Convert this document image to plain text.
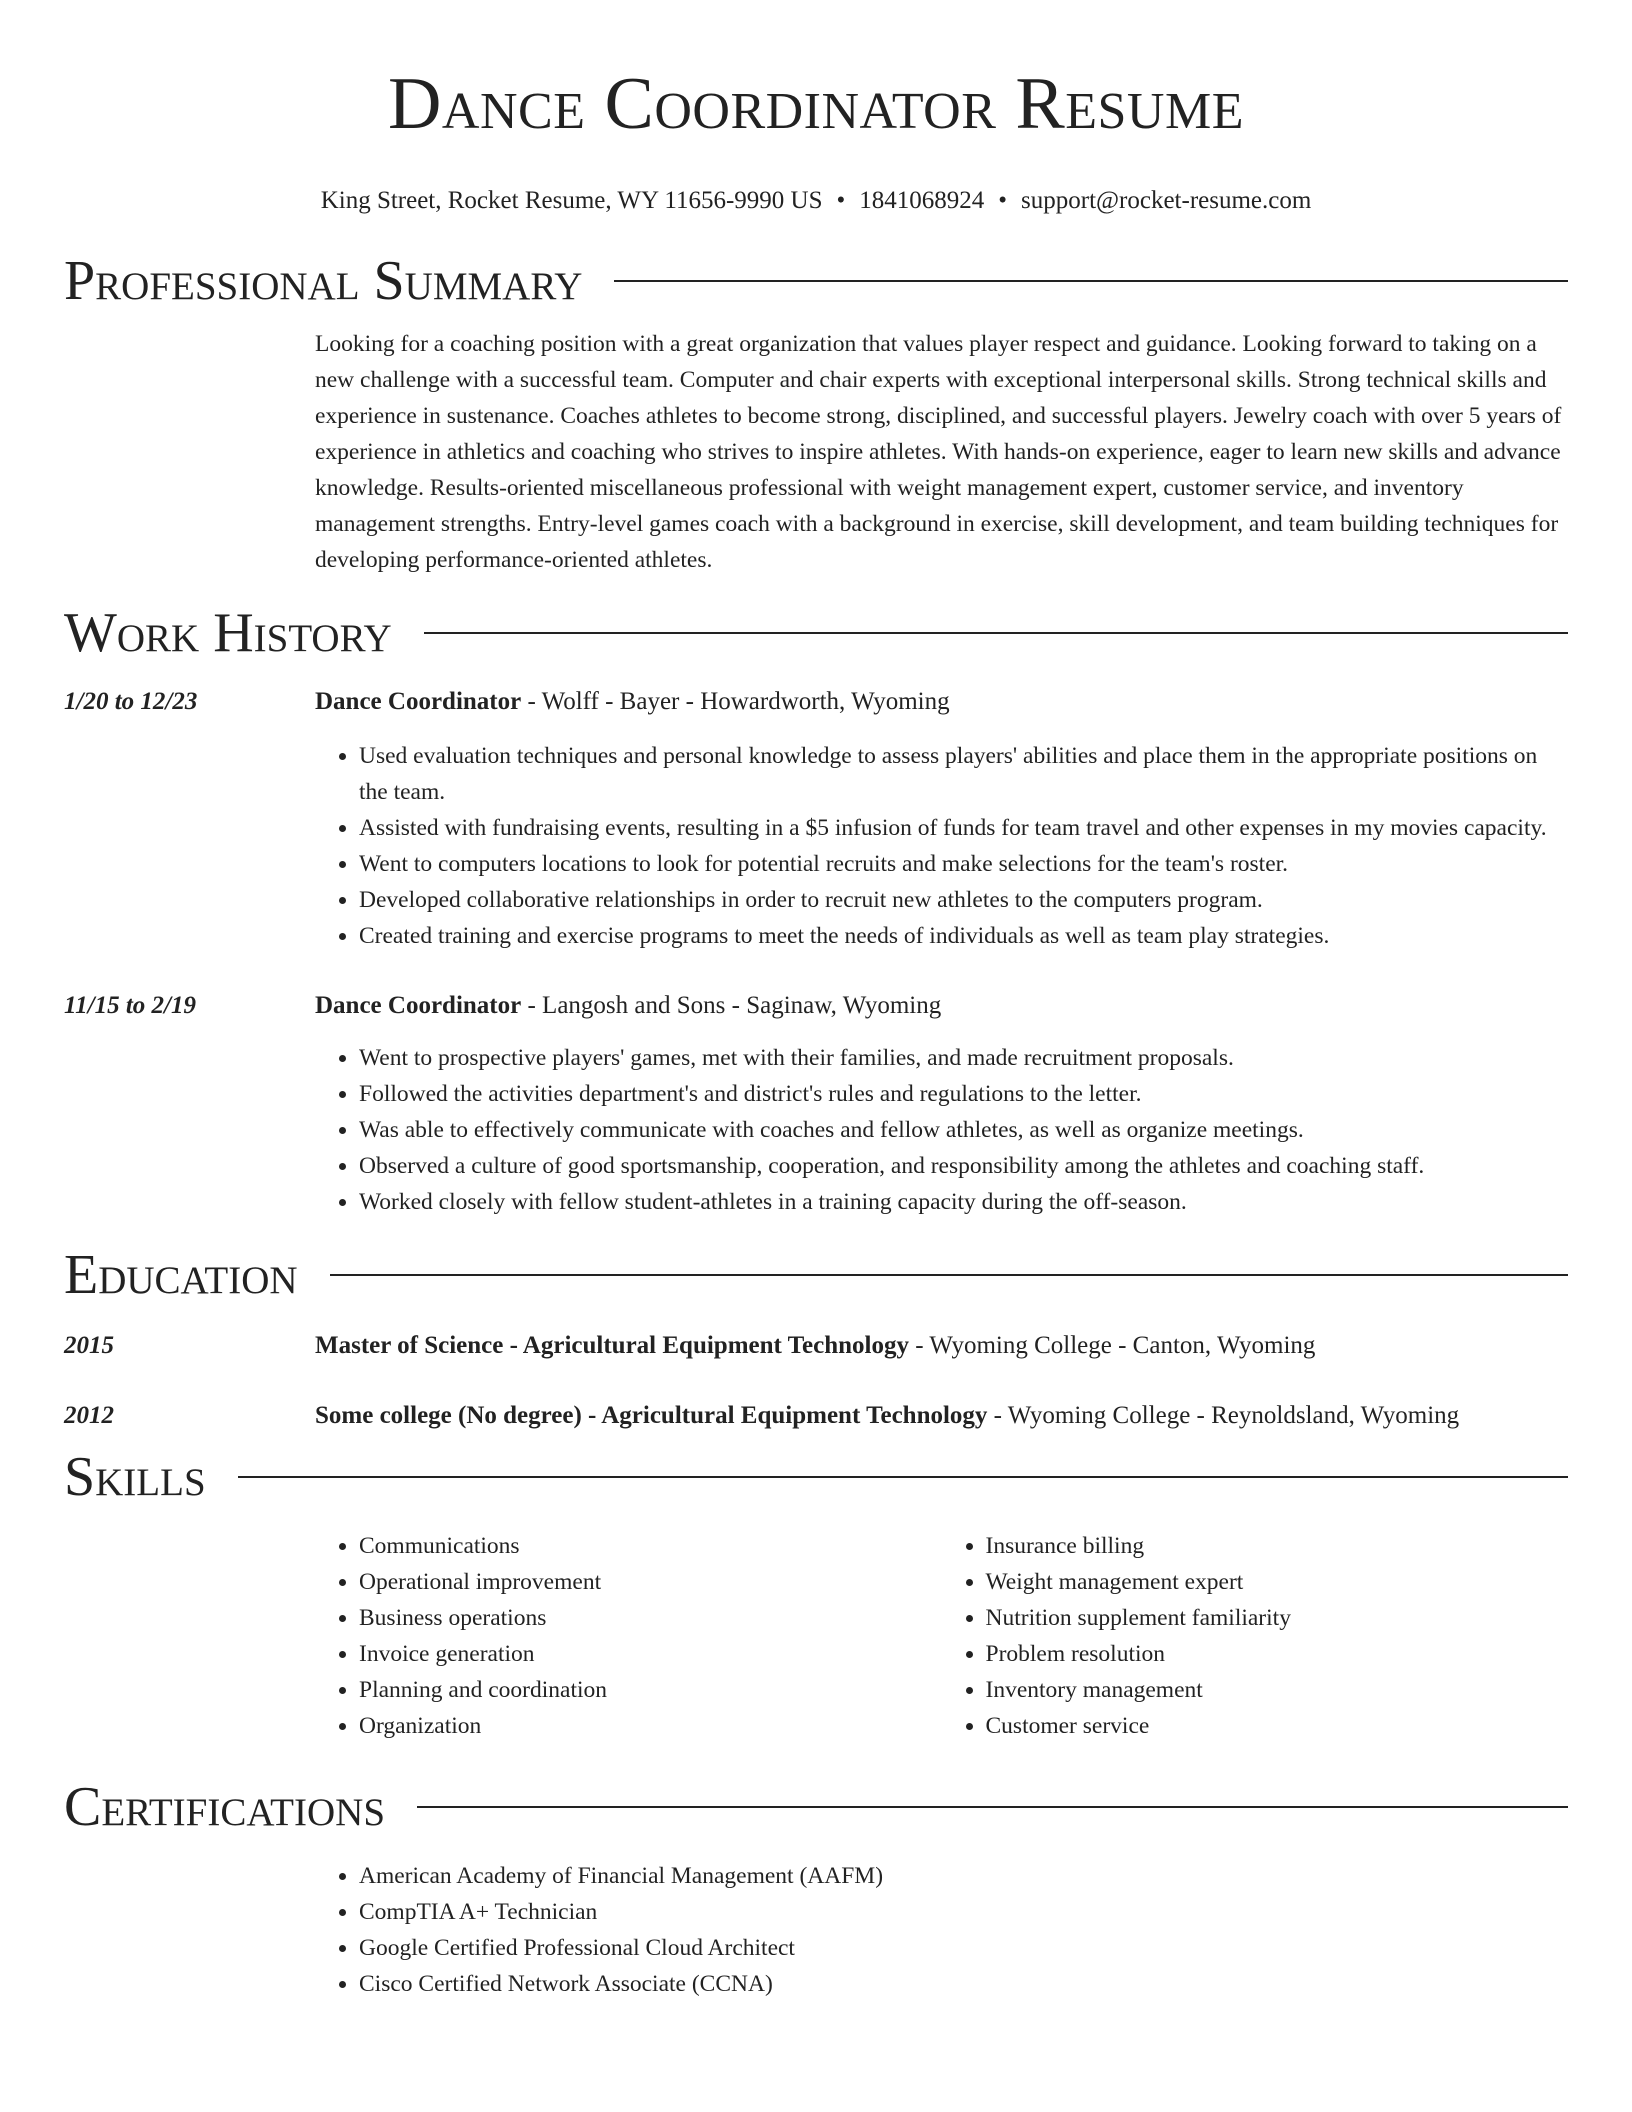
Dance Coordinator Resume
King Street, Rocket Resume, WY 11656-9990 US • 1841068924 • support@rocket-resume.com
Professional Summary
Looking for a coaching position with a great organization that values player respect and guidance. Looking forward to taking on a new challenge with a successful team. Computer and chair experts with exceptional interpersonal skills. Strong technical skills and experience in sustenance. Coaches athletes to become strong, disciplined, and successful players. Jewelry coach with over 5 years of experience in athletics and coaching who strives to inspire athletes. With hands-on experience, eager to learn new skills and advance knowledge. Results-oriented miscellaneous professional with weight management expert, customer service, and inventory management strengths. Entry-level games coach with a background in exercise, skill development, and team building techniques for developing performance-oriented athletes.
Work History
1/20 to 12/23	Dance Coordinator - Wolff - Bayer - Howardworth, Wyoming
• Used evaluation techniques and personal knowledge to assess players' abilities and place them in the appropriate positions on the team.
• Assisted with fundraising events, resulting in a $5 infusion of funds for team travel and other expenses in my movies capacity.
• Went to computers locations to look for potential recruits and make selections for the team's roster.
• Developed collaborative relationships in order to recruit new athletes to the computers program.
• Created training and exercise programs to meet the needs of individuals as well as team play strategies.
11/15 to 2/19	Dance Coordinator - Langosh and Sons - Saginaw, Wyoming
• Went to prospective players' games, met with their families, and made recruitment proposals.
• Followed the activities department's and district's rules and regulations to the letter.
• Was able to effectively communicate with coaches and fellow athletes, as well as organize meetings.
• Observed a culture of good sportsmanship, cooperation, and responsibility among the athletes and coaching staff.
• Worked closely with fellow student-athletes in a training capacity during the off-season.
Education
2015	Master of Science - Agricultural Equipment Technology - Wyoming College - Canton, Wyoming
2012	Some college (No degree) - Agricultural Equipment Technology - Wyoming College - Reynoldsland, Wyoming
Skills
• Communications
• Operational improvement
• Business operations
• Invoice generation
• Planning and coordination
• Organization
• Insurance billing
• Weight management expert
• Nutrition supplement familiarity
• Problem resolution
• Inventory management
• Customer service
Certifications
• American Academy of Financial Management (AAFM)
• CompTIA A+ Technician
• Google Certified Professional Cloud Architect
• Cisco Certified Network Associate (CCNA)
